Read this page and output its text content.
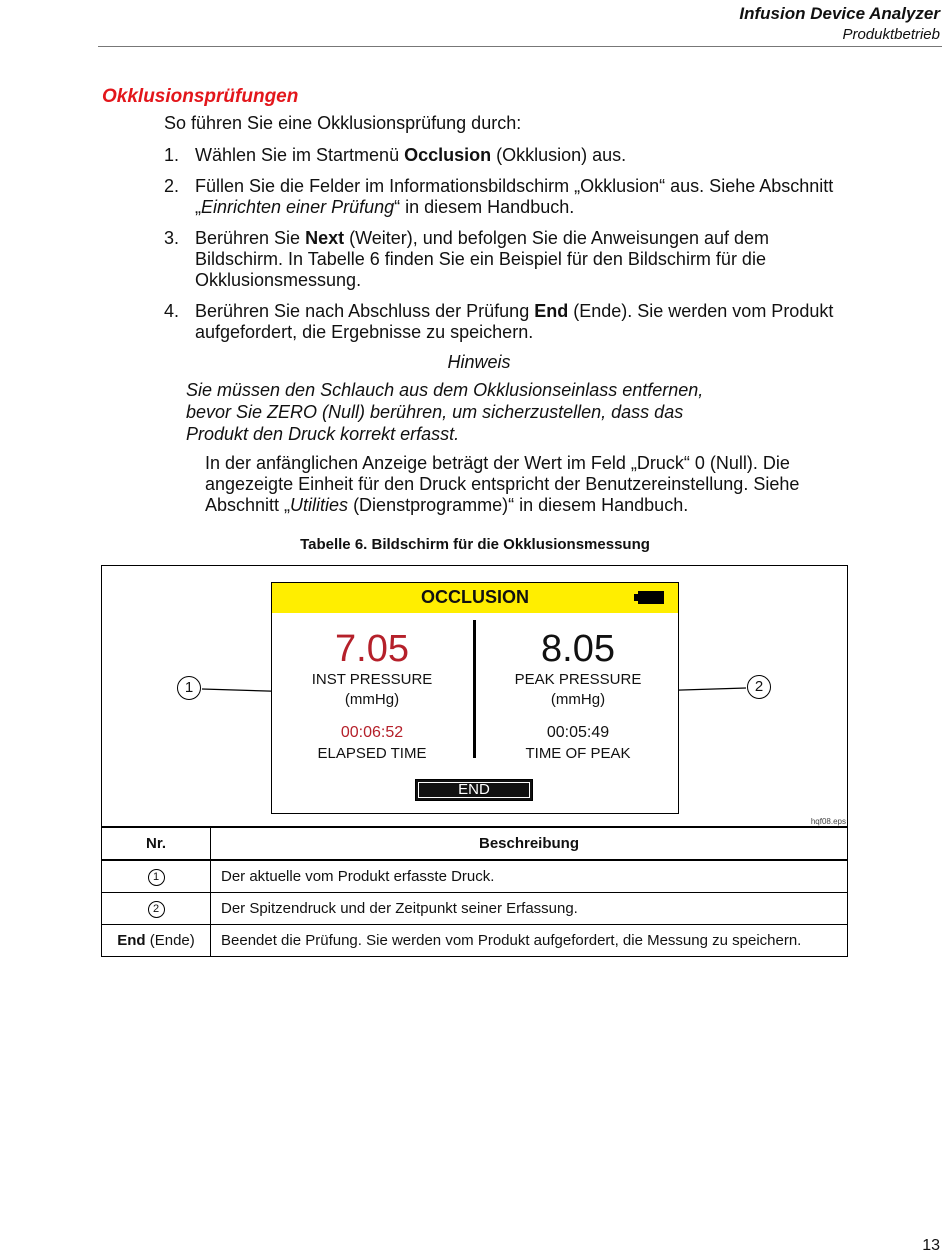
Infusion Device Analyzer
Produktbetrieb
Okklusionsprüfungen
So führen Sie eine Okklusionsprüfung durch:
1. Wählen Sie im Startmenü Occlusion (Okklusion) aus.
2. Füllen Sie die Felder im Informationsbildschirm „Okklusion“ aus. Siehe Abschnitt „Einrichten einer Prüfung“ in diesem Handbuch.
3. Berühren Sie Next (Weiter), und befolgen Sie die Anweisungen auf dem Bildschirm. In Tabelle 6 finden Sie ein Beispiel für den Bildschirm für die Okklusionsmessung.
4. Berühren Sie nach Abschluss der Prüfung End (Ende). Sie werden vom Produkt aufgefordert, die Ergebnisse zu speichern.
Hinweis
Sie müssen den Schlauch aus dem Okklusionseinlass entfernen,
bevor Sie ZERO (Null) berühren, um sicherzustellen, dass das
Produkt den Druck korrekt erfasst.
In der anfänglichen Anzeige beträgt der Wert im Feld „Druck“ 0 (Null). Die angezeigte Einheit für den Druck entspricht der Benutzereinstellung. Siehe Abschnitt „Utilities (Dienstprogramme)“ in diesem Handbuch.
Tabelle 6. Bildschirm für die Okklusionsmessung
OCCLUSION
7.05
INST PRESSURE
(mmHg)
00:06:52
ELAPSED TIME
8.05
PEAK PRESSURE
(mmHg)
00:05:49
TIME OF PEAK
END
1	2
hqf08.eps
Nr.	Beschreibung
1	Der aktuelle vom Produkt erfasste Druck.
2	Der Spitzendruck und der Zeitpunkt seiner Erfassung.
End (Ende)	Beendet die Prüfung. Sie werden vom Produkt aufgefordert, die Messung zu speichern.
13
